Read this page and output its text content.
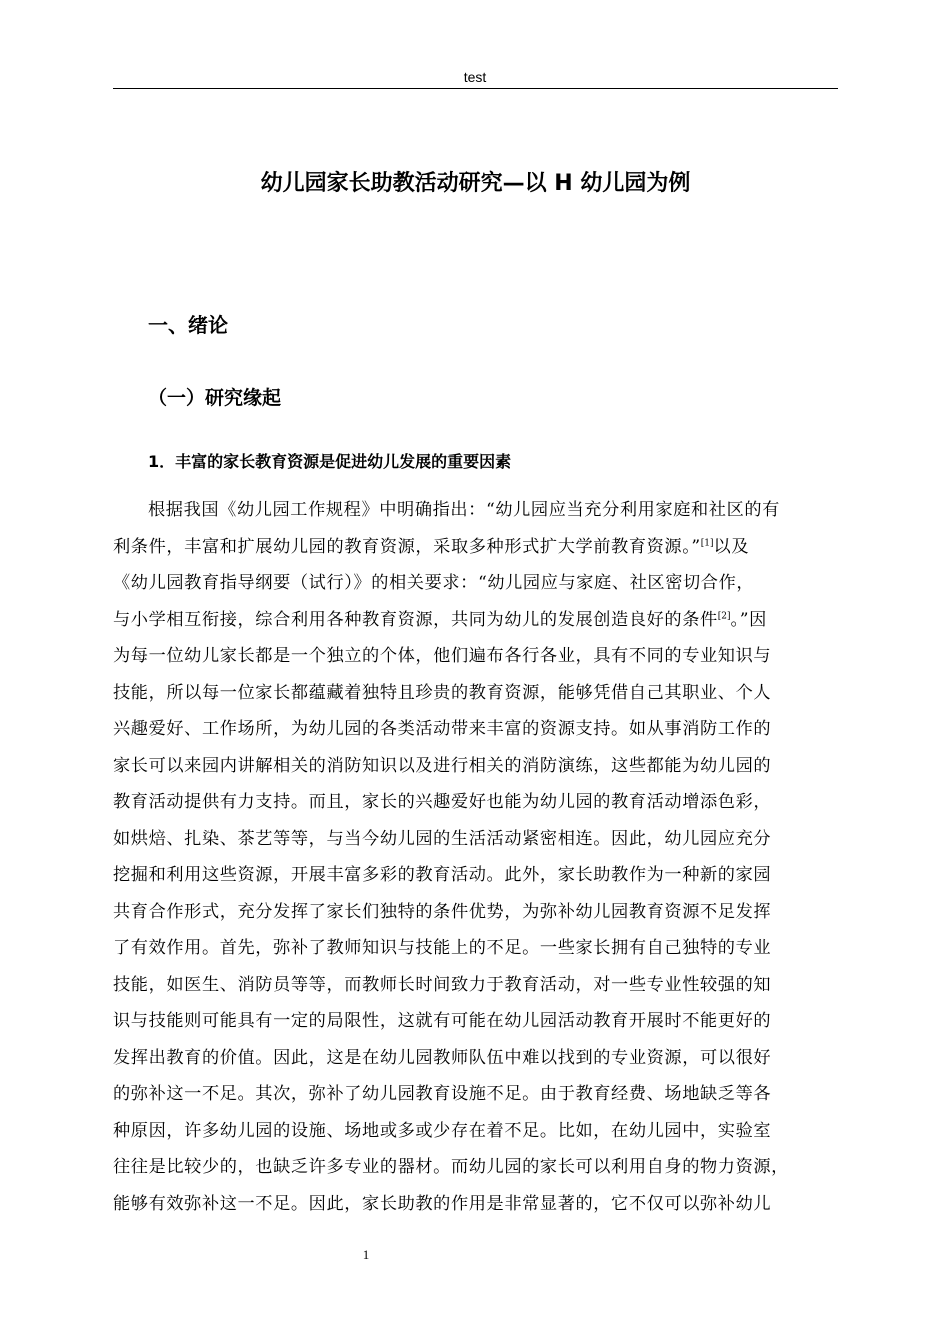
test
幼儿园家长助教活动研究—以 H 幼儿园为例
一、绪论
（一）研究缘起
1．丰富的家长教育资源是促进幼儿发展的重要因素
根据我国《幼儿园工作规程》中明确指出：“幼儿园应当充分利用家庭和社区的有
利条件，丰富和扩展幼儿园的教育资源，采取多种形式扩大学前教育资源。”[1]以及
《幼儿园教育指导纲要（试行）》的相关要求：“幼儿园应与家庭、社区密切合作，
与小学相互衔接，综合利用各种教育资源，共同为幼儿的发展创造良好的条件[2]。”因
为每一位幼儿家长都是一个独立的个体，他们遍布各行各业，具有不同的专业知识与
技能，所以每一位家长都蕴藏着独特且珍贵的教育资源，能够凭借自己其职业、个人
兴趣爱好、工作场所，为幼儿园的各类活动带来丰富的资源支持。如从事消防工作的
家长可以来园内讲解相关的消防知识以及进行相关的消防演练，这些都能为幼儿园的
教育活动提供有力支持。而且，家长的兴趣爱好也能为幼儿园的教育活动增添色彩，
如烘焙、扎染、茶艺等等，与当今幼儿园的生活活动紧密相连。因此，幼儿园应充分
挖掘和利用这些资源，开展丰富多彩的教育活动。此外，家长助教作为一种新的家园
共育合作形式，充分发挥了家长们独特的条件优势，为弥补幼儿园教育资源不足发挥
了有效作用。首先，弥补了教师知识与技能上的不足。一些家长拥有自己独特的专业
技能，如医生、消防员等等，而教师长时间致力于教育活动，对一些专业性较强的知
识与技能则可能具有一定的局限性，这就有可能在幼儿园活动教育开展时不能更好的
发挥出教育的价值。因此，这是在幼儿园教师队伍中难以找到的专业资源，可以很好
的弥补这一不足。其次，弥补了幼儿园教育设施不足。由于教育经费、场地缺乏等各
种原因，许多幼儿园的设施、场地或多或少存在着不足。比如，在幼儿园中，实验室
往往是比较少的，也缺乏许多专业的器材。而幼儿园的家长可以利用自身的物力资源，
能够有效弥补这一不足。因此，家长助教的作用是非常显著的，它不仅可以弥补幼儿
1
